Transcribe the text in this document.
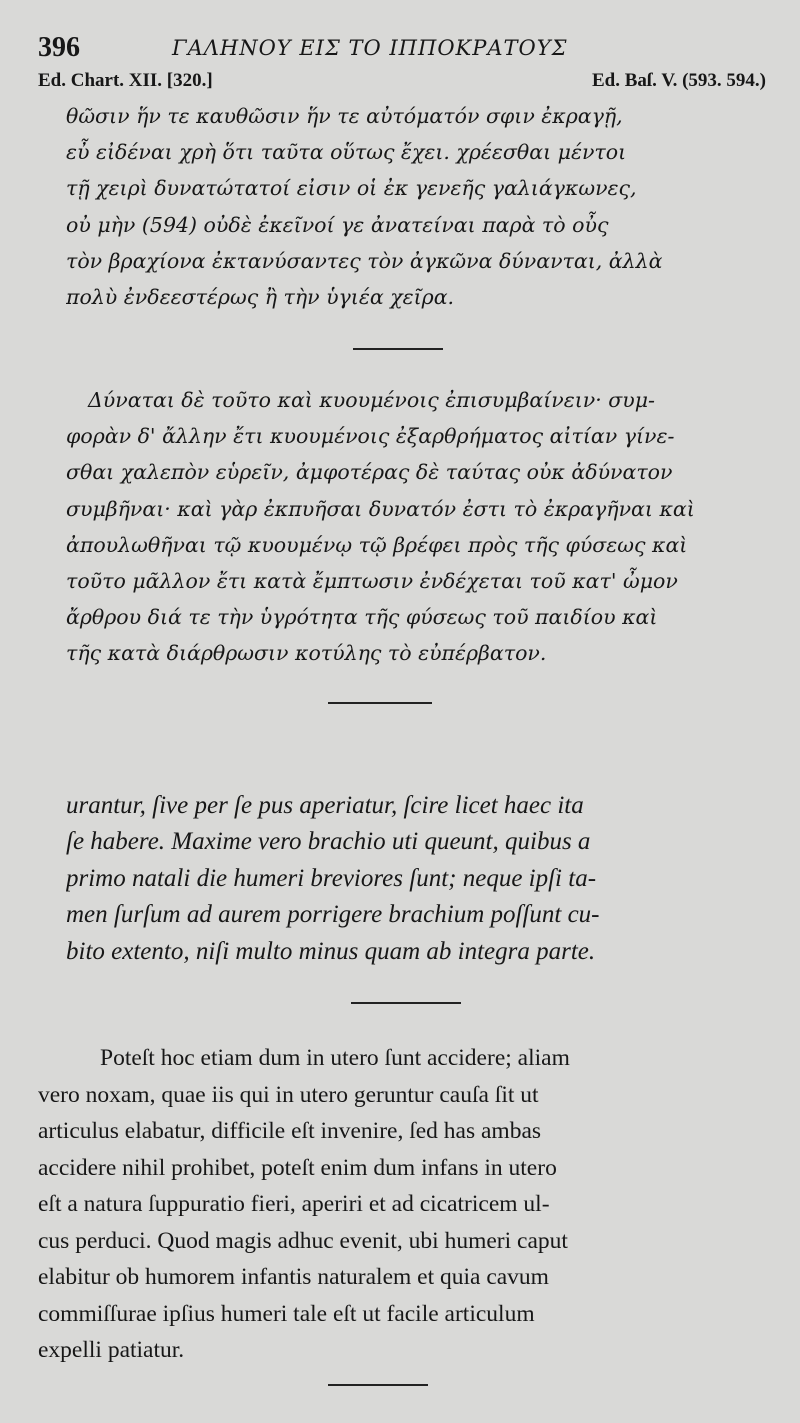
396	ΓΑΛΗΝΟΥ ΕΙΣ ΤΟ ΙΠΠΟΚΡΑΤΟΥΣ
Ed. Chart. XII. [320.]	Ed. Baſ. V. (593. 594.)
θῶσιν ἥν τε καυθῶσιν ἥν τε αὐτόματόν σφιν ἐκραγῇ,
εὖ εἰδέναι χρὴ ὅτι ταῦτα οὕτως ἔχει. χρέεσθαι μέντοι
τῇ χειρὶ δυνατώτατοί εἰσιν οἱ ἐκ γενεῆς γαλιάγκωνες,
οὐ μὴν (594) οὐδὲ ἐκεῖνοί γε ἀνατείναι παρὰ τὸ οὖς
τὸν βραχίονα ἐκτανύσαντες τὸν ἀγκῶνα δύνανται, ἀλλὰ
πολὺ ἐνδεεστέρως ἢ τὴν ὑγιέα χεῖρα.
Δύναται δὲ τοῦτο καὶ κυουμένοις ἐπισυμβαίνειν· συμ-
φορὰν δ' ἄλλην ἔτι κυουμένοις ἐξαρθρήματος αἰτίαν γίνε-
σθαι χαλεπὸν εὑρεῖν, ἀμφοτέρας δὲ ταύτας οὐκ ἀδύνατον
συμβῆναι· καὶ γὰρ ἐκπυῆσαι δυνατόν ἐστι τὸ ἐκραγῆναι καὶ
ἀπουλωθῆναι τῷ κυουμένῳ τῷ βρέφει πρὸς τῆς φύσεως καὶ
τοῦτο μᾶλλον ἔτι κατὰ ἔμπτωσιν ἐνδέχεται τοῦ κατ' ὦμον
ἄρθρου διά τε τὴν ὑγρότητα τῆς φύσεως τοῦ παιδίου καὶ
τῆς κατὰ διάρθρωσιν κοτύλης τὸ εὐπέρβατον.
urantur, ſive per ſe pus aperiatur, ſcire licet haec ita
ſe habere. Maxime vero brachio uti queunt, quibus a
primo natali die humeri breviores ſunt; neque ipſi ta-
men ſurſum ad aurem porrigere brachium poſſunt cu-
bito extento, niſi multo minus quam ab integra parte.
Poteſt hoc etiam dum in utero ſunt accidere; aliam
vero noxam, quae iis qui in utero geruntur cauſa ſit ut
articulus elabatur, difficile eſt invenire, ſed has ambas
accidere nihil prohibet, poteſt enim dum infans in utero
eſt a natura ſuppuratio fieri, aperiri et ad cicatricem ul-
cus perduci. Quod magis adhuc evenit, ubi humeri caput
elabitur ob humorem infantis naturalem et quia cavum
commiſſurae ipſius humeri tale eſt ut facile articulum
expelli patiatur.
